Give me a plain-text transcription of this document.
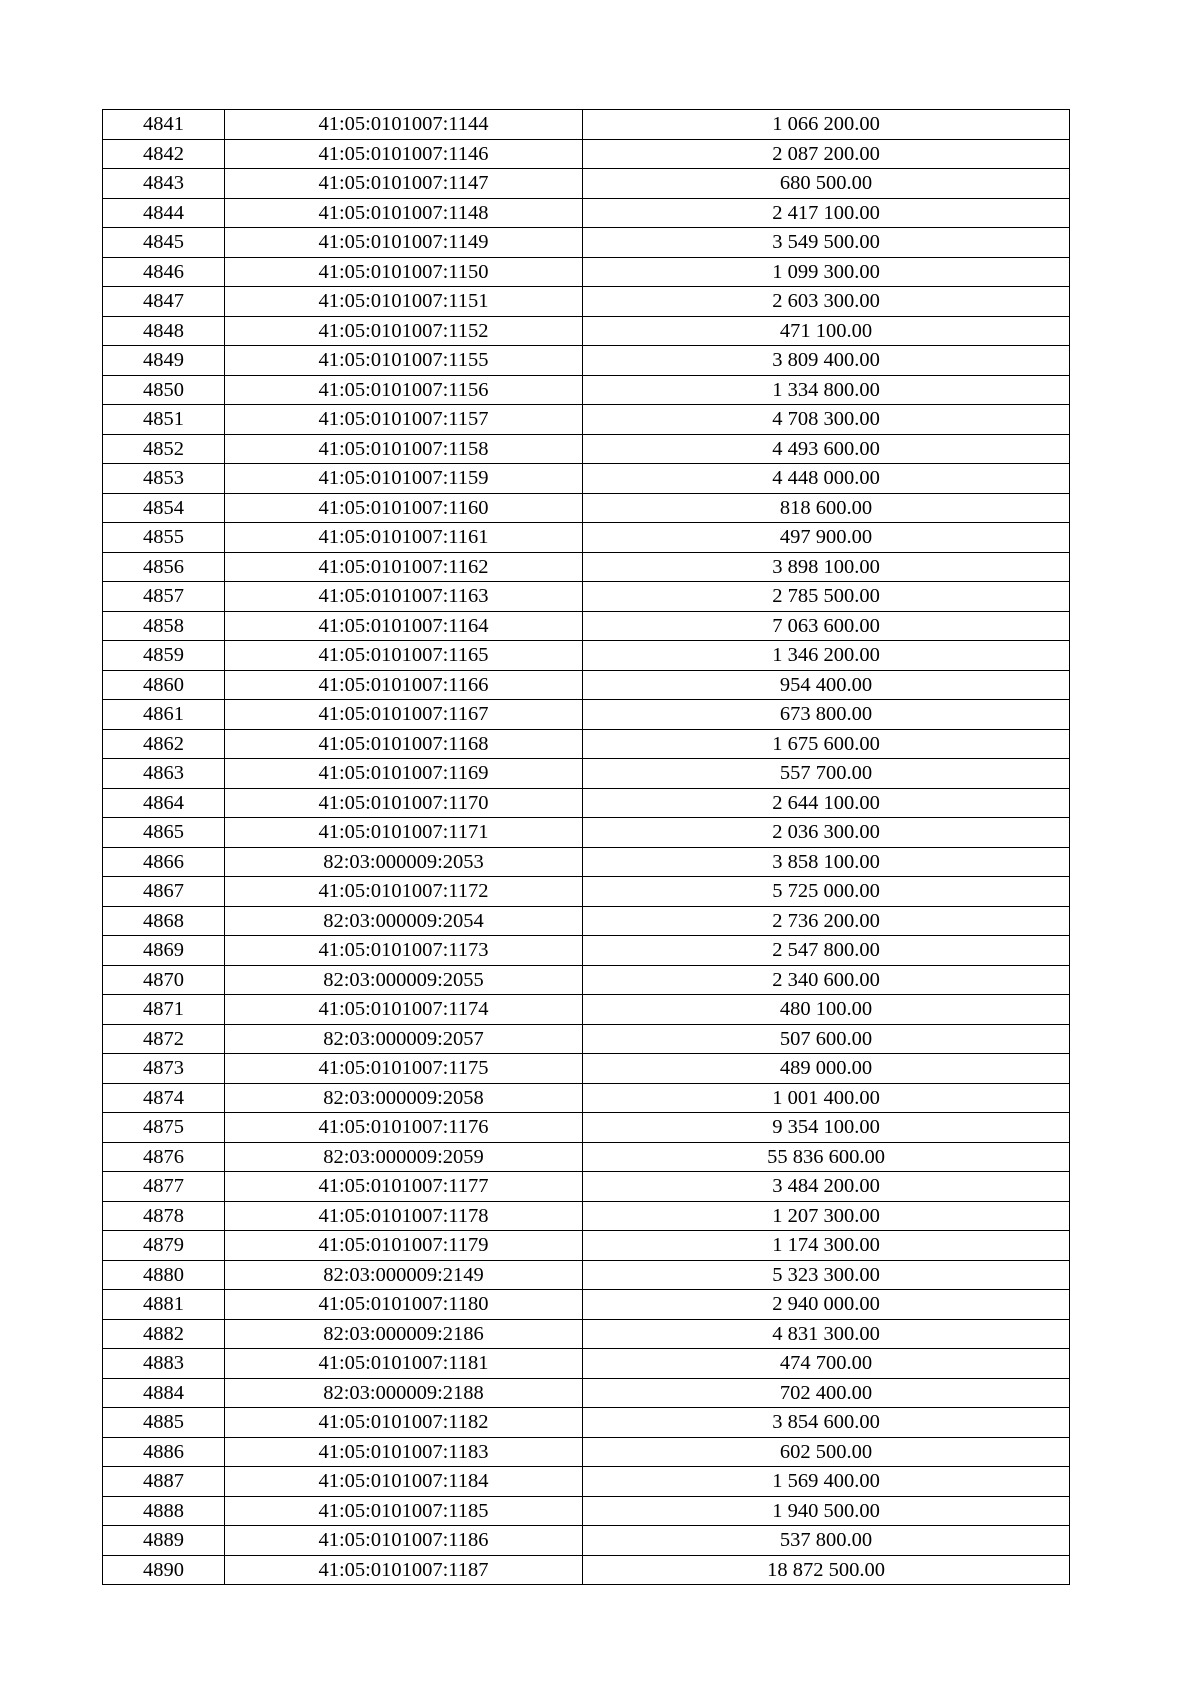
4841	41:05:0101007:1144	1 066 200.00
4842	41:05:0101007:1146	2 087 200.00
4843	41:05:0101007:1147	680 500.00
4844	41:05:0101007:1148	2 417 100.00
4845	41:05:0101007:1149	3 549 500.00
4846	41:05:0101007:1150	1 099 300.00
4847	41:05:0101007:1151	2 603 300.00
4848	41:05:0101007:1152	471 100.00
4849	41:05:0101007:1155	3 809 400.00
4850	41:05:0101007:1156	1 334 800.00
4851	41:05:0101007:1157	4 708 300.00
4852	41:05:0101007:1158	4 493 600.00
4853	41:05:0101007:1159	4 448 000.00
4854	41:05:0101007:1160	818 600.00
4855	41:05:0101007:1161	497 900.00
4856	41:05:0101007:1162	3 898 100.00
4857	41:05:0101007:1163	2 785 500.00
4858	41:05:0101007:1164	7 063 600.00
4859	41:05:0101007:1165	1 346 200.00
4860	41:05:0101007:1166	954 400.00
4861	41:05:0101007:1167	673 800.00
4862	41:05:0101007:1168	1 675 600.00
4863	41:05:0101007:1169	557 700.00
4864	41:05:0101007:1170	2 644 100.00
4865	41:05:0101007:1171	2 036 300.00
4866	82:03:000009:2053	3 858 100.00
4867	41:05:0101007:1172	5 725 000.00
4868	82:03:000009:2054	2 736 200.00
4869	41:05:0101007:1173	2 547 800.00
4870	82:03:000009:2055	2 340 600.00
4871	41:05:0101007:1174	480 100.00
4872	82:03:000009:2057	507 600.00
4873	41:05:0101007:1175	489 000.00
4874	82:03:000009:2058	1 001 400.00
4875	41:05:0101007:1176	9 354 100.00
4876	82:03:000009:2059	55 836 600.00
4877	41:05:0101007:1177	3 484 200.00
4878	41:05:0101007:1178	1 207 300.00
4879	41:05:0101007:1179	1 174 300.00
4880	82:03:000009:2149	5 323 300.00
4881	41:05:0101007:1180	2 940 000.00
4882	82:03:000009:2186	4 831 300.00
4883	41:05:0101007:1181	474 700.00
4884	82:03:000009:2188	702 400.00
4885	41:05:0101007:1182	3 854 600.00
4886	41:05:0101007:1183	602 500.00
4887	41:05:0101007:1184	1 569 400.00
4888	41:05:0101007:1185	1 940 500.00
4889	41:05:0101007:1186	537 800.00
4890	41:05:0101007:1187	18 872 500.00
